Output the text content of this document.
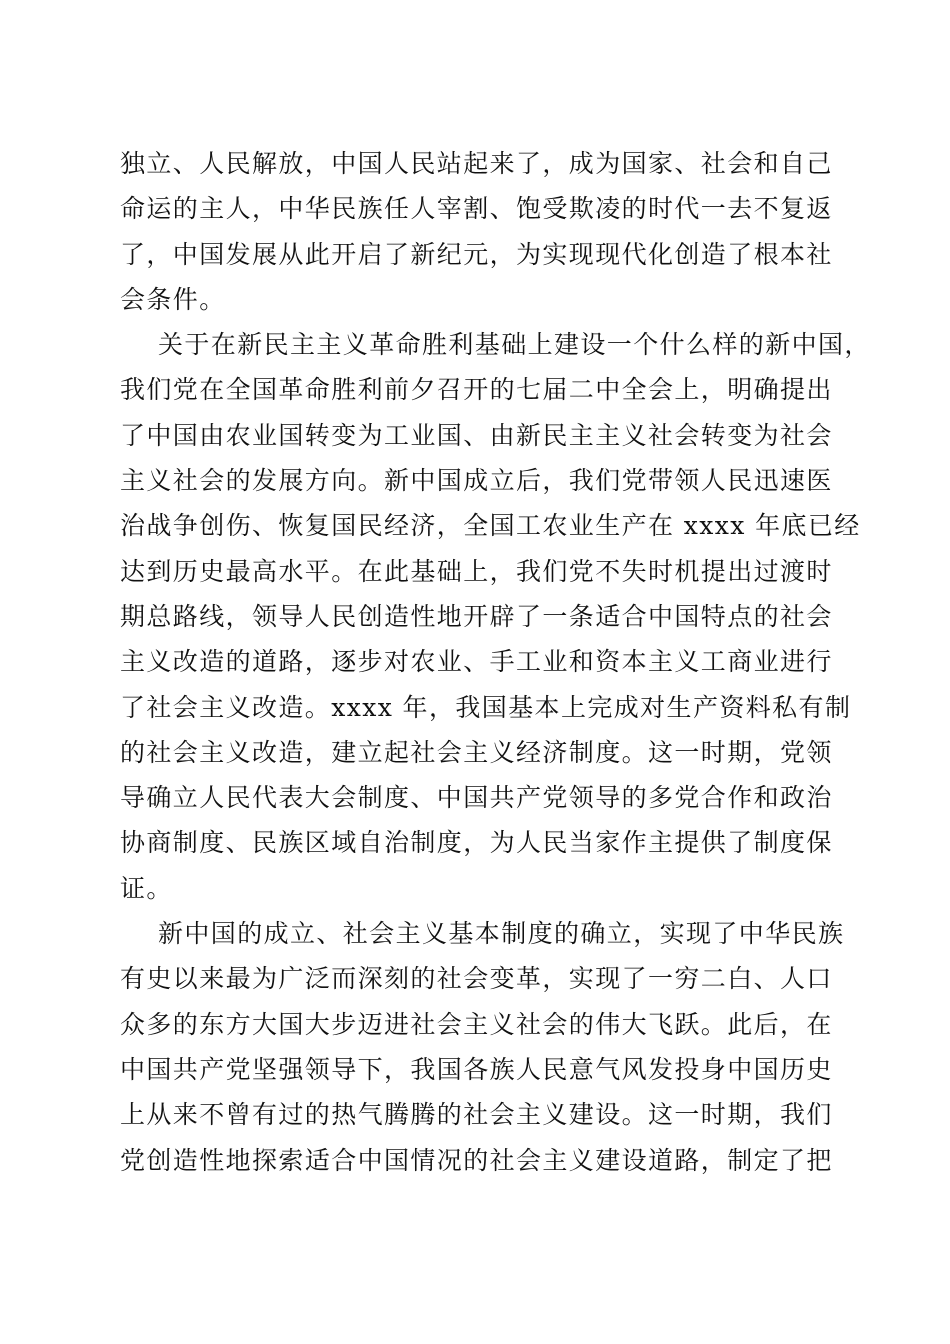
独立、人民解放，中国人民站起来了，成为国家、社会和自己
命运的主人，中华民族任人宰割、饱受欺凌的时代一去不复返
了，中国发展从此开启了新纪元，为实现现代化创造了根本社
会条件。
关于在新民主主义革命胜利基础上建设一个什么样的新中国，
我们党在全国革命胜利前夕召开的七届二中全会上，明确提出
了中国由农业国转变为工业国、由新民主主义社会转变为社会
主义社会的发展方向。新中国成立后，我们党带领人民迅速医
治战争创伤、恢复国民经济，全国工农业生产在 xxxx 年底已经
达到历史最高水平。在此基础上，我们党不失时机提出过渡时
期总路线，领导人民创造性地开辟了一条适合中国特点的社会
主义改造的道路，逐步对农业、手工业和资本主义工商业进行
了社会主义改造。xxxx 年，我国基本上完成对生产资料私有制
的社会主义改造，建立起社会主义经济制度。这一时期，党领
导确立人民代表大会制度、中国共产党领导的多党合作和政治
协商制度、民族区域自治制度，为人民当家作主提供了制度保
证。
新中国的成立、社会主义基本制度的确立，实现了中华民族
有史以来最为广泛而深刻的社会变革，实现了一穷二白、人口
众多的东方大国大步迈进社会主义社会的伟大飞跃。此后，在
中国共产党坚强领导下，我国各族人民意气风发投身中国历史
上从来不曾有过的热气腾腾的社会主义建设。这一时期，我们
党创造性地探索适合中国情况的社会主义建设道路，制定了把
